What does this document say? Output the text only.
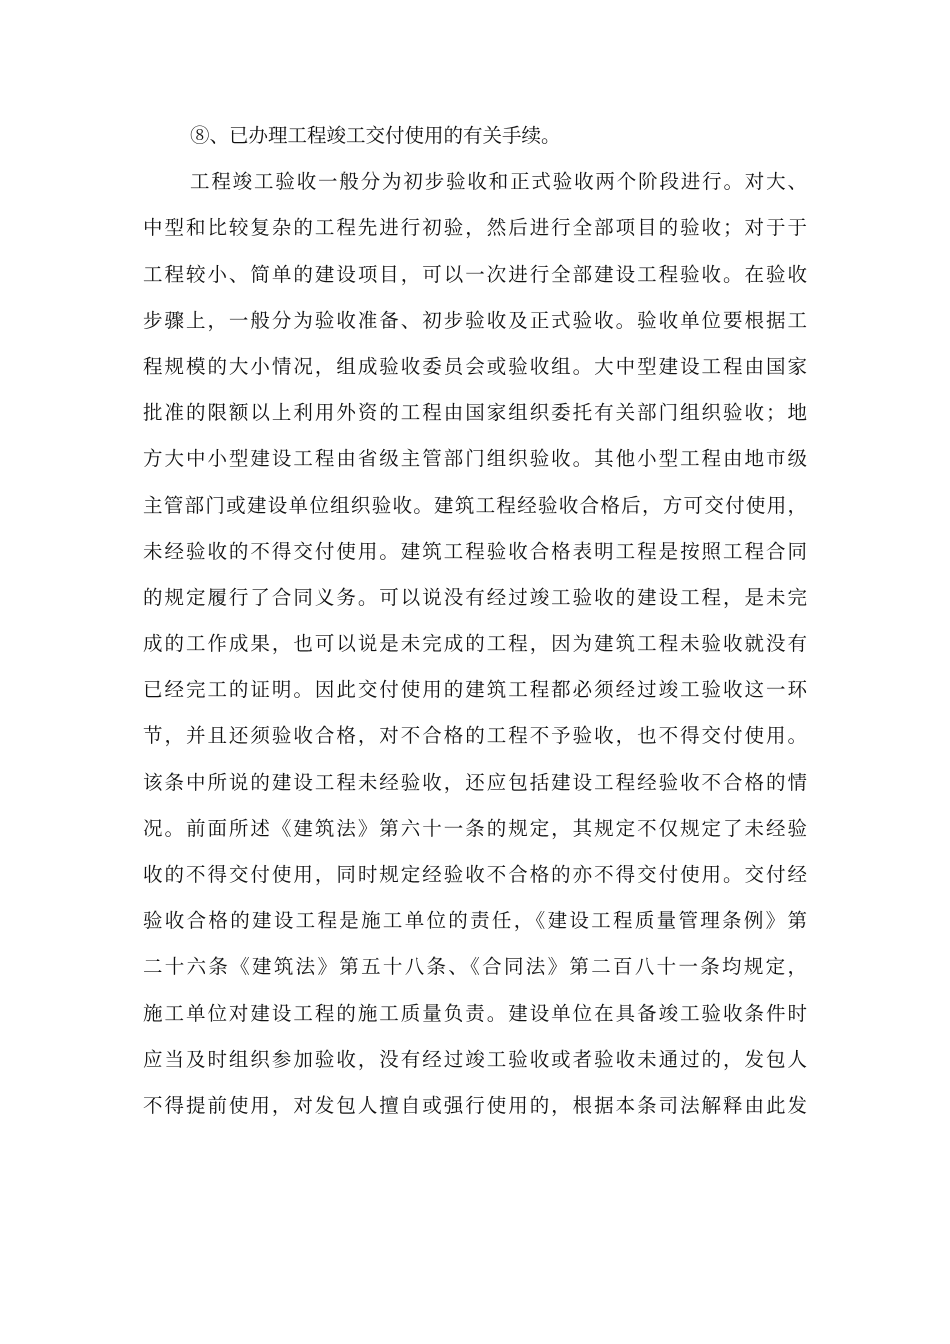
⑧、已办理工程竣工交付使用的有关手续。
工程竣工验收一般分为初步验收和正式验收两个阶段进行。对大、
中型和比较复杂的工程先进行初验，然后进行全部项目的验收；对于于
工程较小、简单的建设项目，可以一次进行全部建设工程验收。在验收
步骤上，一般分为验收准备、初步验收及正式验收。验收单位要根据工
程规模的大小情况，组成验收委员会或验收组。大中型建设工程由国家
批准的限额以上利用外资的工程由国家组织委托有关部门组织验收；地
方大中小型建设工程由省级主管部门组织验收。其他小型工程由地市级
主管部门或建设单位组织验收。建筑工程经验收合格后，方可交付使用，
未经验收的不得交付使用。建筑工程验收合格表明工程是按照工程合同
的规定履行了合同义务。可以说没有经过竣工验收的建设工程，是未完
成的工作成果，也可以说是未完成的工程，因为建筑工程未验收就没有
已经完工的证明。因此交付使用的建筑工程都必须经过竣工验收这一环
节，并且还须验收合格，对不合格的工程不予验收，也不得交付使用。
该条中所说的建设工程未经验收，还应包括建设工程经验收不合格的情
况。前面所述《建筑法》第六十一条的规定，其规定不仅规定了未经验
收的不得交付使用，同时规定经验收不合格的亦不得交付使用。交付经
验收合格的建设工程是施工单位的责任，《建设工程质量管理条例》第
二十六条《建筑法》第五十八条、《合同法》第二百八十一条均规定，
施工单位对建设工程的施工质量负责。建设单位在具备竣工验收条件时
应当及时组织参加验收，没有经过竣工验收或者验收未通过的，发包人
不得提前使用，对发包人擅自或强行使用的，根据本条司法解释由此发
